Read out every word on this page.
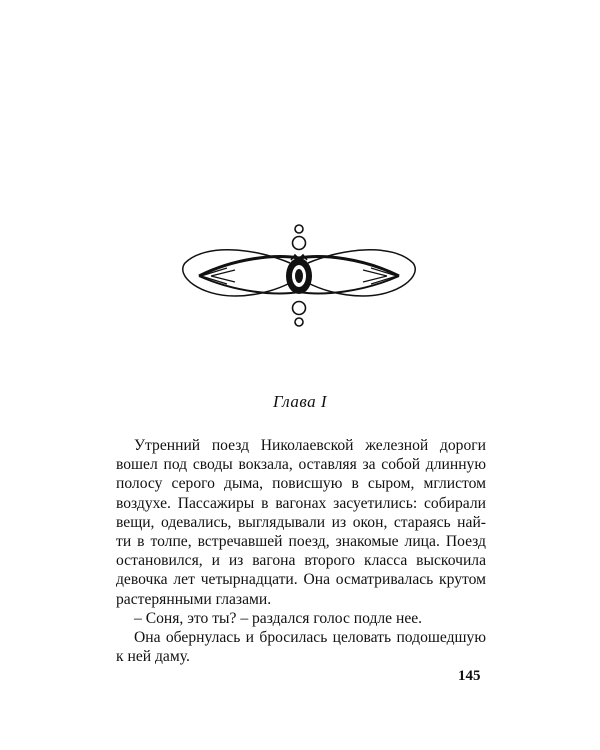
Глава I
Утренний поезд Николаевской железной дороги
вошел под своды вокзала, оставляя за собой длинную
полосу серого дыма, повисшую в сыром, мглистом
воздухе. Пассажиры в вагонах засуетились: собирали
вещи, одевались, выглядывали из окон, стараясь най-
ти в толпе, встречавшей поезд, знакомые лица. Поезд
остановился, и из вагона второго класса выскочила
девочка лет четырнадцати. Она осматривалась крутом
растерянными глазами.
– Соня, это ты? – раздался голос подле нее.
Она обернулась и бросилась целовать подошедшую
к ней даму.
145
